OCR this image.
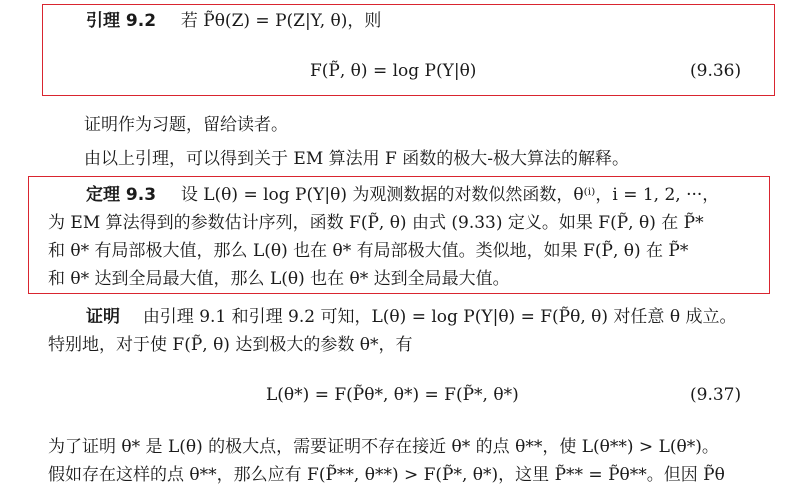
引理 9.2 若 P̃θ(Z) = P(Z|Y, θ)，则
F(P̃, θ) = log P(Y|θ)	(9.36)
证明作为习题，留给读者。
由以上引理，可以得到关于 EM 算法用 F 函数的极大-极大算法的解释。
定理 9.3 设 L(θ) = log P(Y|θ) 为观测数据的对数似然函数，θ⁽ⁱ⁾，i = 1, 2, ···，
为 EM 算法得到的参数估计序列，函数 F(P̃, θ) 由式 (9.33) 定义。如果 F(P̃, θ) 在 P̃*
和 θ* 有局部极大值，那么 L(θ) 也在 θ* 有局部极大值。类似地，如果 F(P̃, θ) 在 P̃*
和 θ* 达到全局最大值，那么 L(θ) 也在 θ* 达到全局最大值。
证明 由引理 9.1 和引理 9.2 可知，L(θ) = log P(Y|θ) = F(P̃θ, θ) 对任意 θ 成立。
特别地，对于使 F(P̃, θ) 达到极大的参数 θ*，有
L(θ*) = F(P̃θ*, θ*) = F(P̃*, θ*)	(9.37)
为了证明 θ* 是 L(θ) 的极大点，需要证明不存在接近 θ* 的点 θ**，使 L(θ**) > L(θ*)。
假如存在这样的点 θ**，那么应有 F(P̃**, θ**) > F(P̃*, θ*)，这里 P̃** = P̃θ**。但因 P̃θ
